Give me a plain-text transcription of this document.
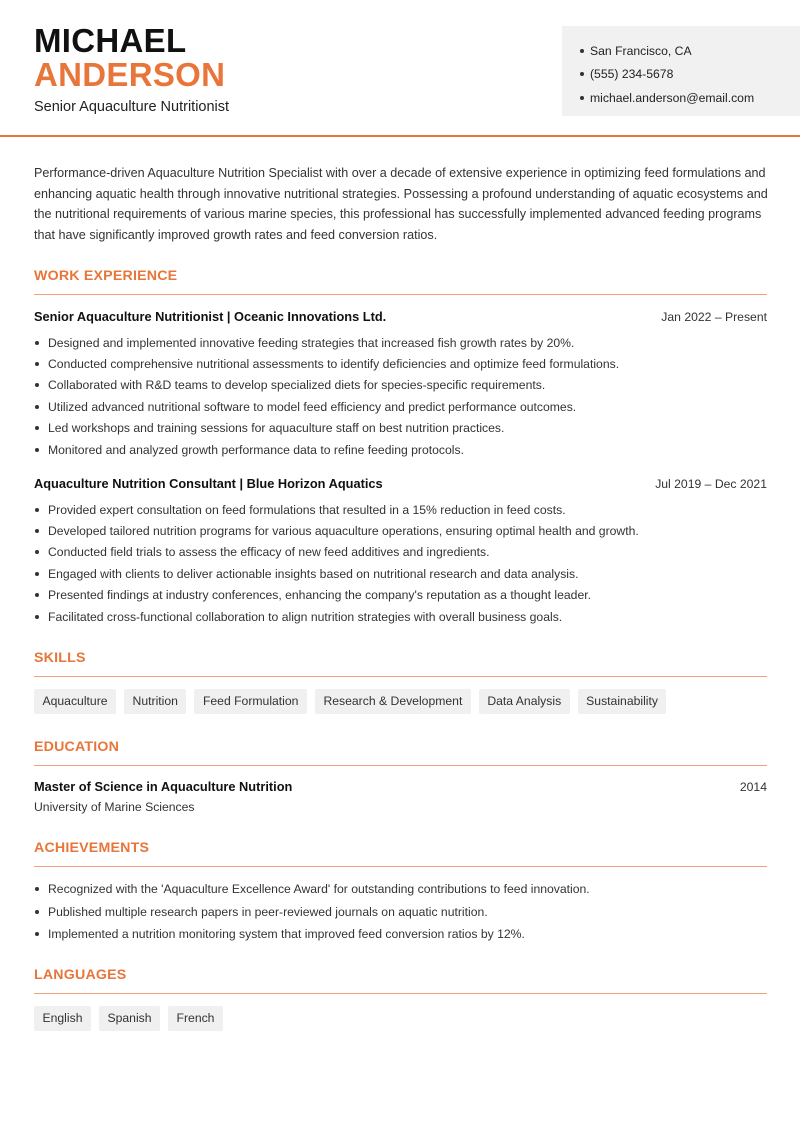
MICHAEL
ANDERSON
Senior Aquaculture Nutritionist
San Francisco, CA
(555) 234-5678
michael.anderson@email.com

Performance-driven Aquaculture Nutrition Specialist with over a decade of extensive experience in optimizing feed formulations and enhancing aquatic health through innovative nutritional strategies. Possessing a profound understanding of aquatic ecosystems and the nutritional requirements of various marine species, this professional has successfully implemented advanced feeding programs that have significantly improved growth rates and feed conversion ratios.

WORK EXPERIENCE
Senior Aquaculture Nutritionist | Oceanic Innovations Ltd.	Jan 2022 – Present
Designed and implemented innovative feeding strategies that increased fish growth rates by 20%.
Conducted comprehensive nutritional assessments to identify deficiencies and optimize feed formulations.
Collaborated with R&D teams to develop specialized diets for species-specific requirements.
Utilized advanced nutritional software to model feed efficiency and predict performance outcomes.
Led workshops and training sessions for aquaculture staff on best nutrition practices.
Monitored and analyzed growth performance data to refine feeding protocols.
Aquaculture Nutrition Consultant | Blue Horizon Aquatics	Jul 2019 – Dec 2021
Provided expert consultation on feed formulations that resulted in a 15% reduction in feed costs.
Developed tailored nutrition programs for various aquaculture operations, ensuring optimal health and growth.
Conducted field trials to assess the efficacy of new feed additives and ingredients.
Engaged with clients to deliver actionable insights based on nutritional research and data analysis.
Presented findings at industry conferences, enhancing the company's reputation as a thought leader.
Facilitated cross-functional collaboration to align nutrition strategies with overall business goals.
SKILLS
Aquaculture	Nutrition	Feed Formulation	Research & Development	Data Analysis	Sustainability
EDUCATION
Master of Science in Aquaculture Nutrition	2014
University of Marine Sciences
ACHIEVEMENTS
Recognized with the 'Aquaculture Excellence Award' for outstanding contributions to feed innovation.
Published multiple research papers in peer-reviewed journals on aquatic nutrition.
Implemented a nutrition monitoring system that improved feed conversion ratios by 12%.
LANGUAGES
English	Spanish	French
